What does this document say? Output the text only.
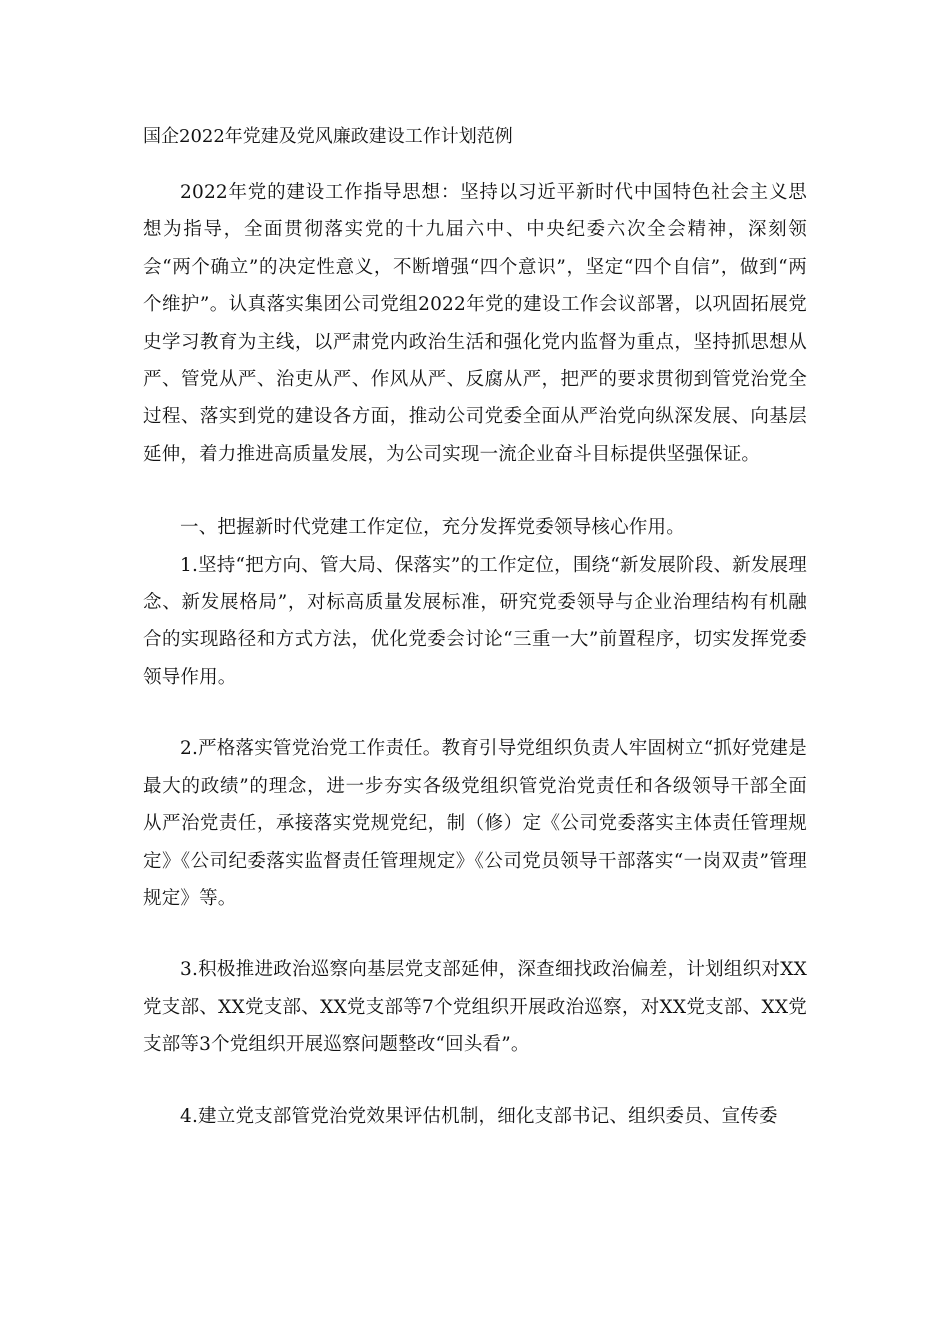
国企2022年党建及党风廉政建设工作计划范例

2022年党的建设工作指导思想：坚持以习近平新时代中国特色社会主义思想为指导，全面贯彻落实党的十九届六中、中央纪委六次全会精神，深刻领会“两个确立”的决定性意义，不断增强“四个意识”，坚定“四个自信”，做到“两个维护”。认真落实集团公司党组2022年党的建设工作会议部署，以巩固拓展党史学习教育为主线，以严肃党内政治生活和强化党内监督为重点，坚持抓思想从严、管党从严、治吏从严、作风从严、反腐从严，把严的要求贯彻到管党治党全过程、落实到党的建设各方面，推动公司党委全面从严治党向纵深发展、向基层延伸，着力推进高质量发展，为公司实现一流企业奋斗目标提供坚强保证。

一、把握新时代党建工作定位，充分发挥党委领导核心作用。

1.坚持“把方向、管大局、保落实”的工作定位，围绕“新发展阶段、新发展理念、新发展格局”，对标高质量发展标准，研究党委领导与企业治理结构有机融合的实现路径和方式方法，优化党委会讨论“三重一大”前置程序，切实发挥党委领导作用。

2.严格落实管党治党工作责任。教育引导党组织负责人牢固树立“抓好党建是最大的政绩”的理念，进一步夯实各级党组织管党治党责任和各级领导干部全面从严治党责任，承接落实党规党纪，制（修）定《公司党委落实主体责任管理规定》《公司纪委落实监督责任管理规定》《公司党员领导干部落实“一岗双责”管理规定》等。

3.积极推进政治巡察向基层党支部延伸，深查细找政治偏差，计划组织对XX党支部、XX党支部、XX党支部等7个党组织开展政治巡察，对XX党支部、XX党支部等3个党组织开展巡察问题整改“回头看”。

4.建立党支部管党治党效果评估机制，细化支部书记、组织委员、宣传委
